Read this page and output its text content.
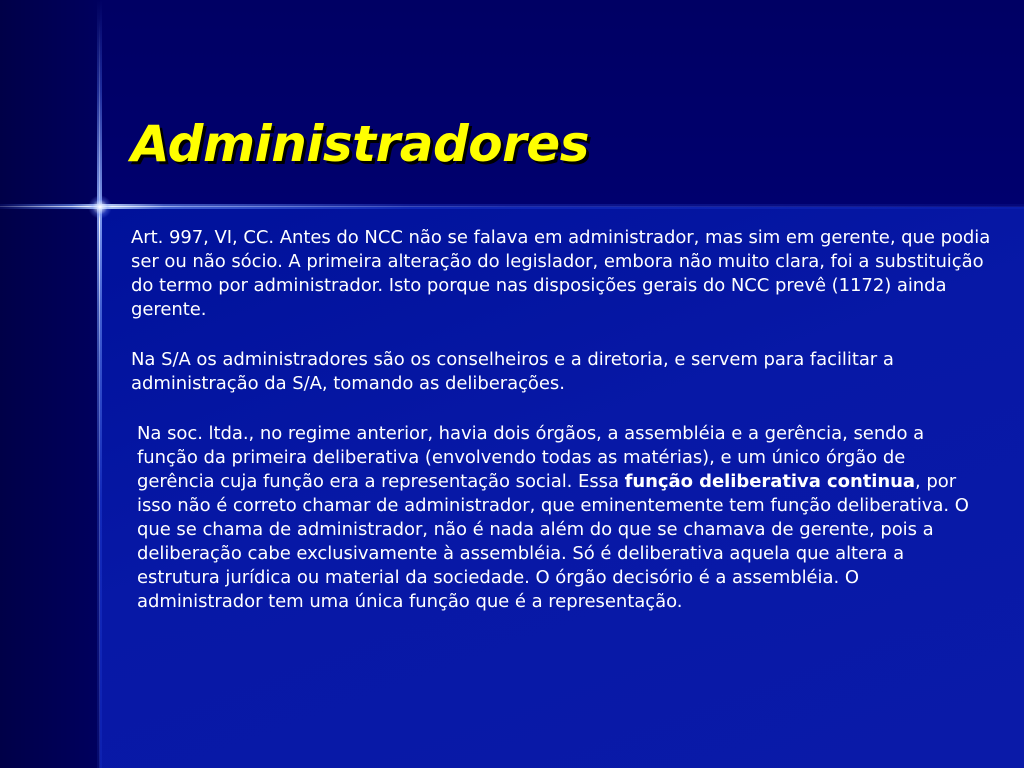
Administradores

Art. 997, VI, CC. Antes do NCC não se falava em administrador, mas sim em gerente, que podia ser ou não sócio. A primeira alteração do legislador, embora não muito clara, foi a substituição do termo por administrador. Isto porque nas disposições gerais do NCC prevê (1172) ainda gerente.

Na S/A os administradores são os conselheiros e a diretoria, e servem para facilitar a administração da S/A, tomando as deliberações.

Na soc. ltda., no regime anterior, havia dois órgãos, a assembléia e a gerência, sendo a função da primeira deliberativa (envolvendo todas as matérias), e um único órgão de gerência cuja função era a representação social. Essa função deliberativa continua, por isso não é correto chamar de administrador, que eminentemente tem função deliberativa. O que se chama de administrador, não é nada além do que se chamava de gerente, pois a deliberação cabe exclusivamente à assembléia. Só é deliberativa aquela que altera a estrutura jurídica ou material da sociedade. O órgão decisório é a assembléia. O administrador tem uma única função que é a representação.
